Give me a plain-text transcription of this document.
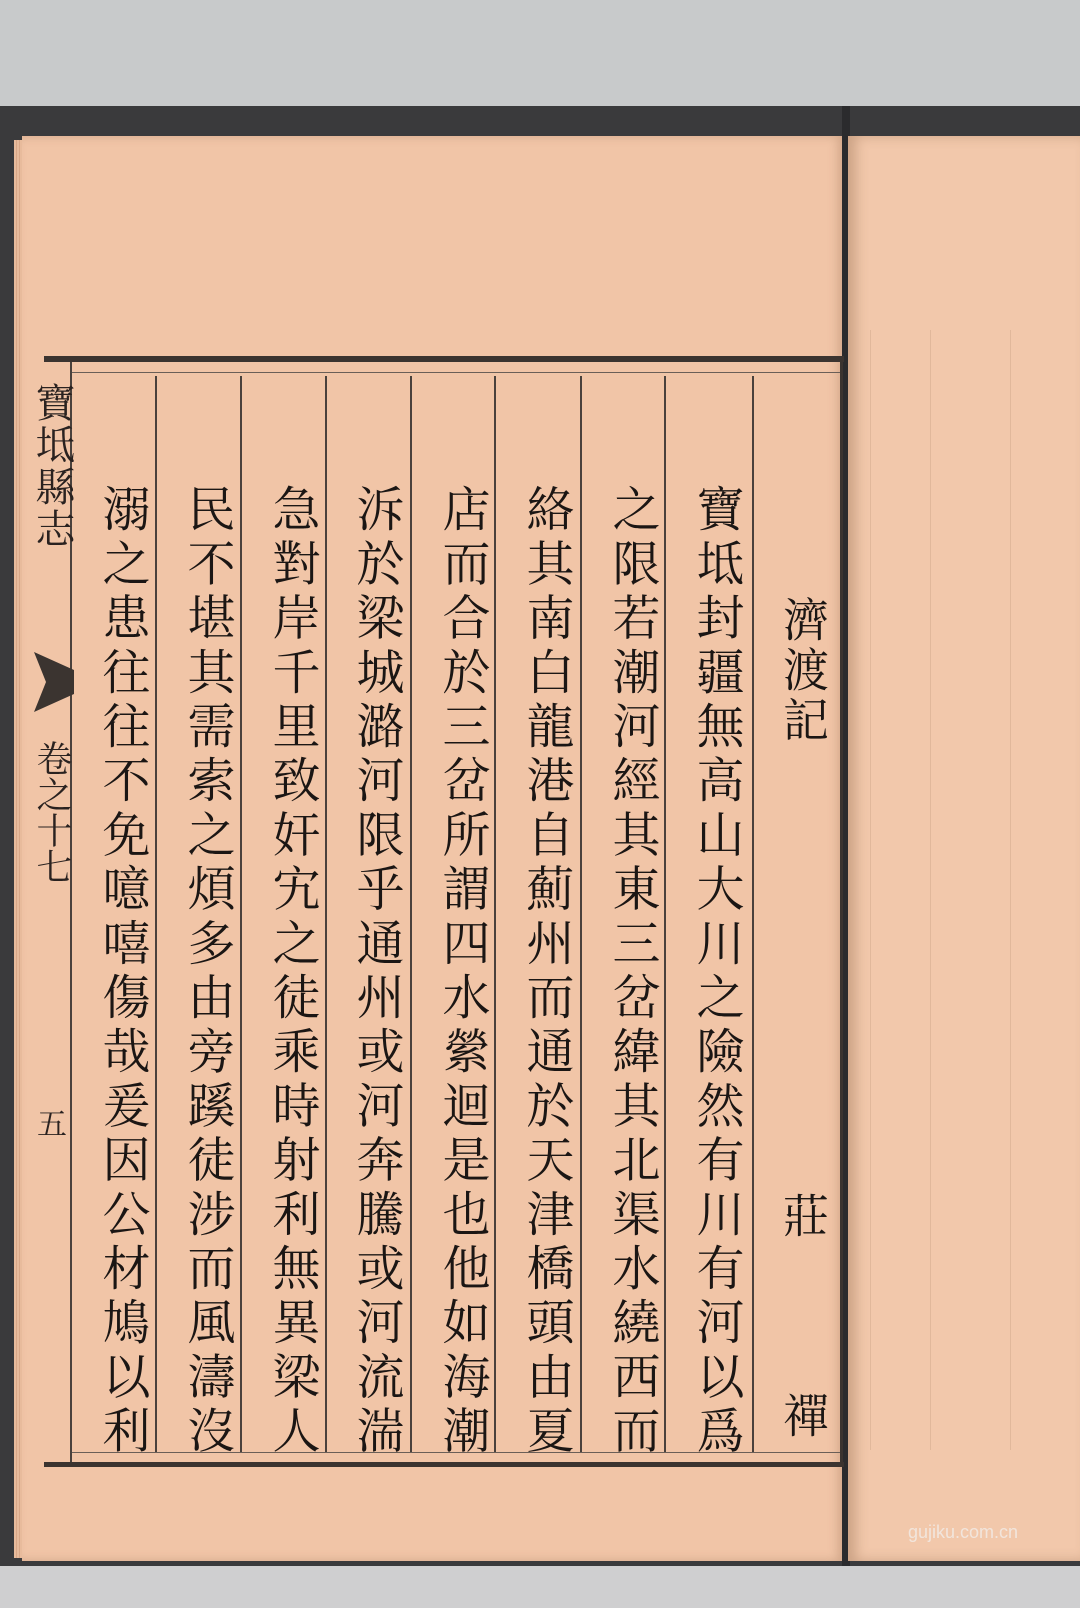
寶坻縣志
卷之十七
五
濟渡記
莊 禪
寶坻封疆無高山大川之險然有川有河以爲
之限若潮河經其東三岔緯其北渠水繞西而
絡其南白龍港自薊州而通於天津橋頭由夏
店而合於三岔所謂四水縈迴是也他如海潮
泝於梁城潞河限乎通州或河奔騰或河流湍
急對岸千里致奸宄之徒乘時射利無異梁人
民不堪其需索之煩多由旁蹊徒涉而風濤沒
溺之患往往不免噫嘻傷哉爰因公材鳩以利
gujiku.com.cn
